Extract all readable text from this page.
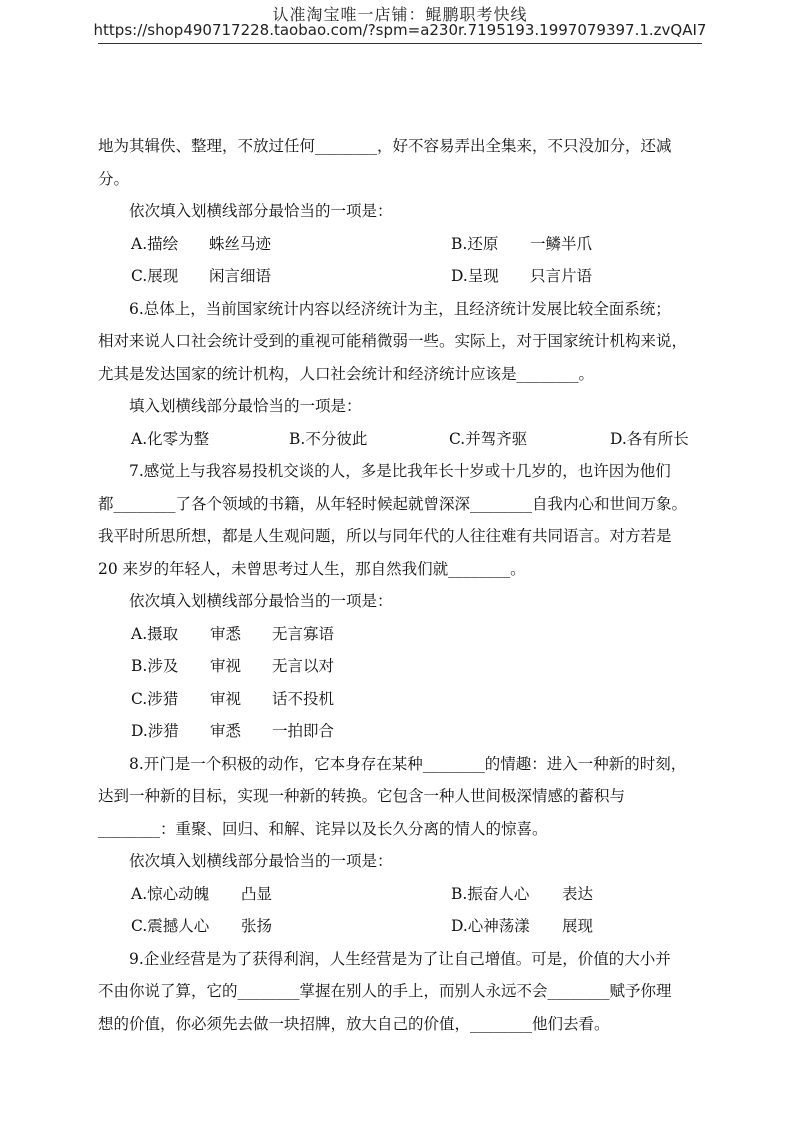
认准淘宝唯一店铺：鲲鹏职考快线
https://shop490717228.taobao.com/?spm=a230r.7195193.1997079397.1.zvQAI7
地为其辑佚、整理，不放过任何________，好不容易弄出全集来，不只没加分，还减
分。
依次填入划横线部分最恰当的一项是：
A.描绘 蛛丝马迹	B.还原 一鳞半爪
C.展现 闲言细语	D.呈现 只言片语
6.总体上，当前国家统计内容以经济统计为主，且经济统计发展比较全面系统；
相对来说人口社会统计受到的重视可能稍微弱一些。实际上，对于国家统计机构来说，
尤其是发达国家的统计机构，人口社会统计和经济统计应该是________。
填入划横线部分最恰当的一项是：
A.化零为整	B.不分彼此	C.并驾齐驱	D.各有所长
7.感觉上与我容易投机交谈的人，多是比我年长十岁或十几岁的，也许因为他们
都________了各个领域的书籍，从年轻时候起就曾深深________自我内心和世间万象。
我平时所思所想，都是人生观问题，所以与同年代的人往往难有共同语言。对方若是
20 来岁的年轻人，未曾思考过人生，那自然我们就________。
依次填入划横线部分最恰当的一项是：
A.摄取 审悉 无言寡语
B.涉及 审视 无言以对
C.涉猎 审视 话不投机
D.涉猎 审悉 一拍即合
8.开门是一个积极的动作，它本身存在某种________的情趣：进入一种新的时刻，
达到一种新的目标，实现一种新的转换。它包含一种人世间极深情感的蓄积与
________：重聚、回归、和解、诧异以及长久分离的情人的惊喜。
依次填入划横线部分最恰当的一项是：
A.惊心动魄 凸显	B.振奋人心 表达
C.震撼人心 张扬	D.心神荡漾 展现
9.企业经营是为了获得利润，人生经营是为了让自己增值。可是，价值的大小并
不由你说了算，它的________掌握在别人的手上，而别人永远不会________赋予你理
想的价值，你必须先去做一块招牌，放大自己的价值，________他们去看。
